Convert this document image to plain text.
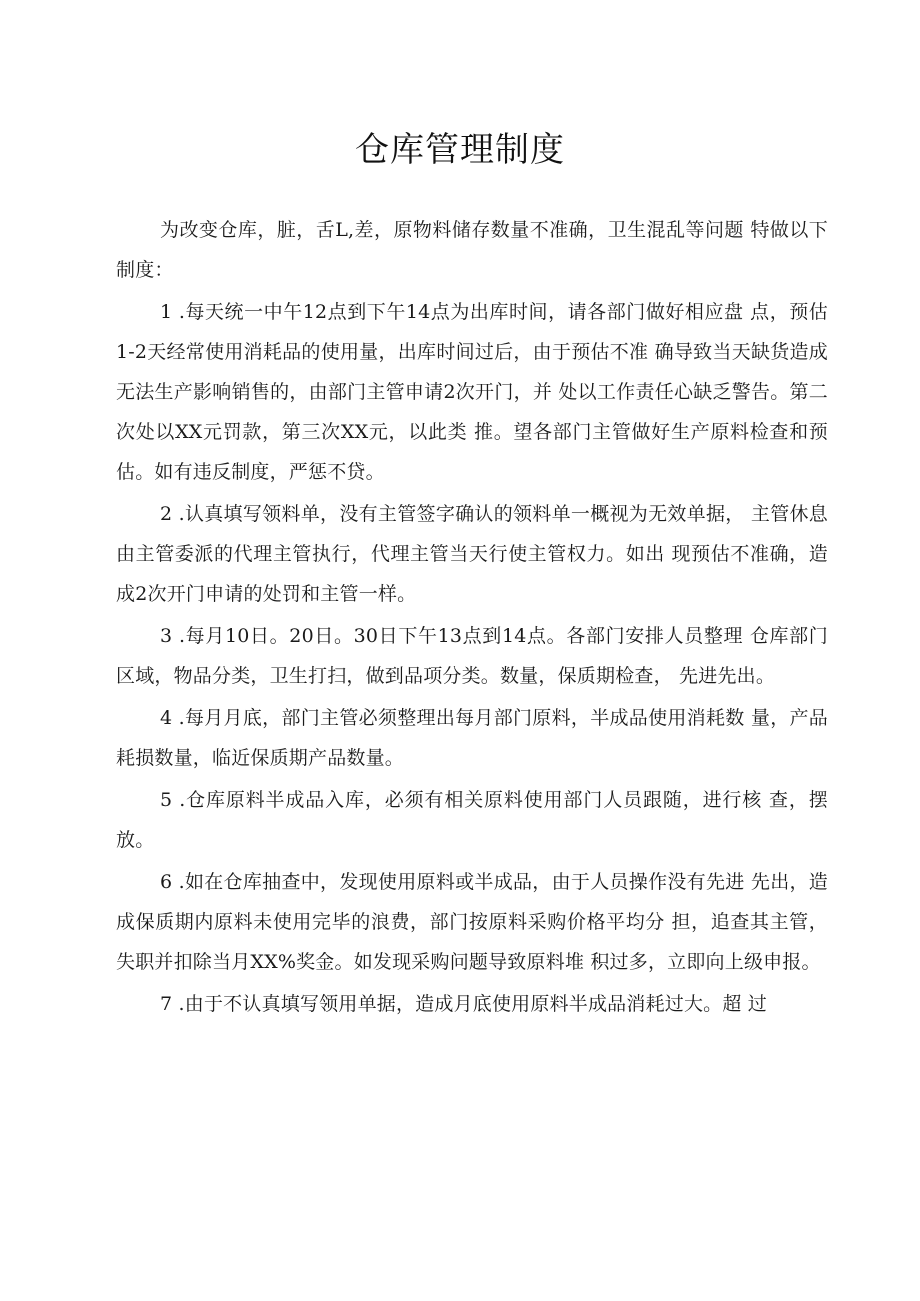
仓库管理制度

为改变仓库，脏，舌L,差，原物料储存数量不准确，卫生混乱等问题 特做以下制度：

1 .每天统一中午12点到下午14点为出库时间，请各部门做好相应盘 点，预估1-2天经常使用消耗品的使用量，出库时间过后，由于预估不准 确导致当天缺货造成无法生产影响销售的，由部门主管申请2次开门，并 处以工作责任心缺乏警告。第二次处以XX元罚款，第三次XX元，以此类 推。望各部门主管做好生产原料检查和预估。如有违反制度，严惩不贷。

2 .认真填写领料单，没有主管签字确认的领料单一概视为无效单据， 主管休息由主管委派的代理主管执行，代理主管当天行使主管权力。如出 现预估不准确，造成2次开门申请的处罚和主管一样。

3 .每月10日。20日。30日下午13点到14点。各部门安排人员整理 仓库部门区域，物品分类，卫生打扫，做到品项分类。数量，保质期检查， 先进先出。

4 .每月月底，部门主管必须整理出每月部门原料，半成品使用消耗数 量，产品耗损数量，临近保质期产品数量。

5 .仓库原料半成品入库，必须有相关原料使用部门人员跟随，进行核 查，摆放。

6 .如在仓库抽查中，发现使用原料或半成品，由于人员操作没有先进 先出，造成保质期内原料未使用完毕的浪费，部门按原料采购价格平均分 担，追查其主管，失职并扣除当月XX%奖金。如发现采购问题导致原料堆 积过多，立即向上级申报。

7 .由于不认真填写领用单据，造成月底使用原料半成品消耗过大。超 过
